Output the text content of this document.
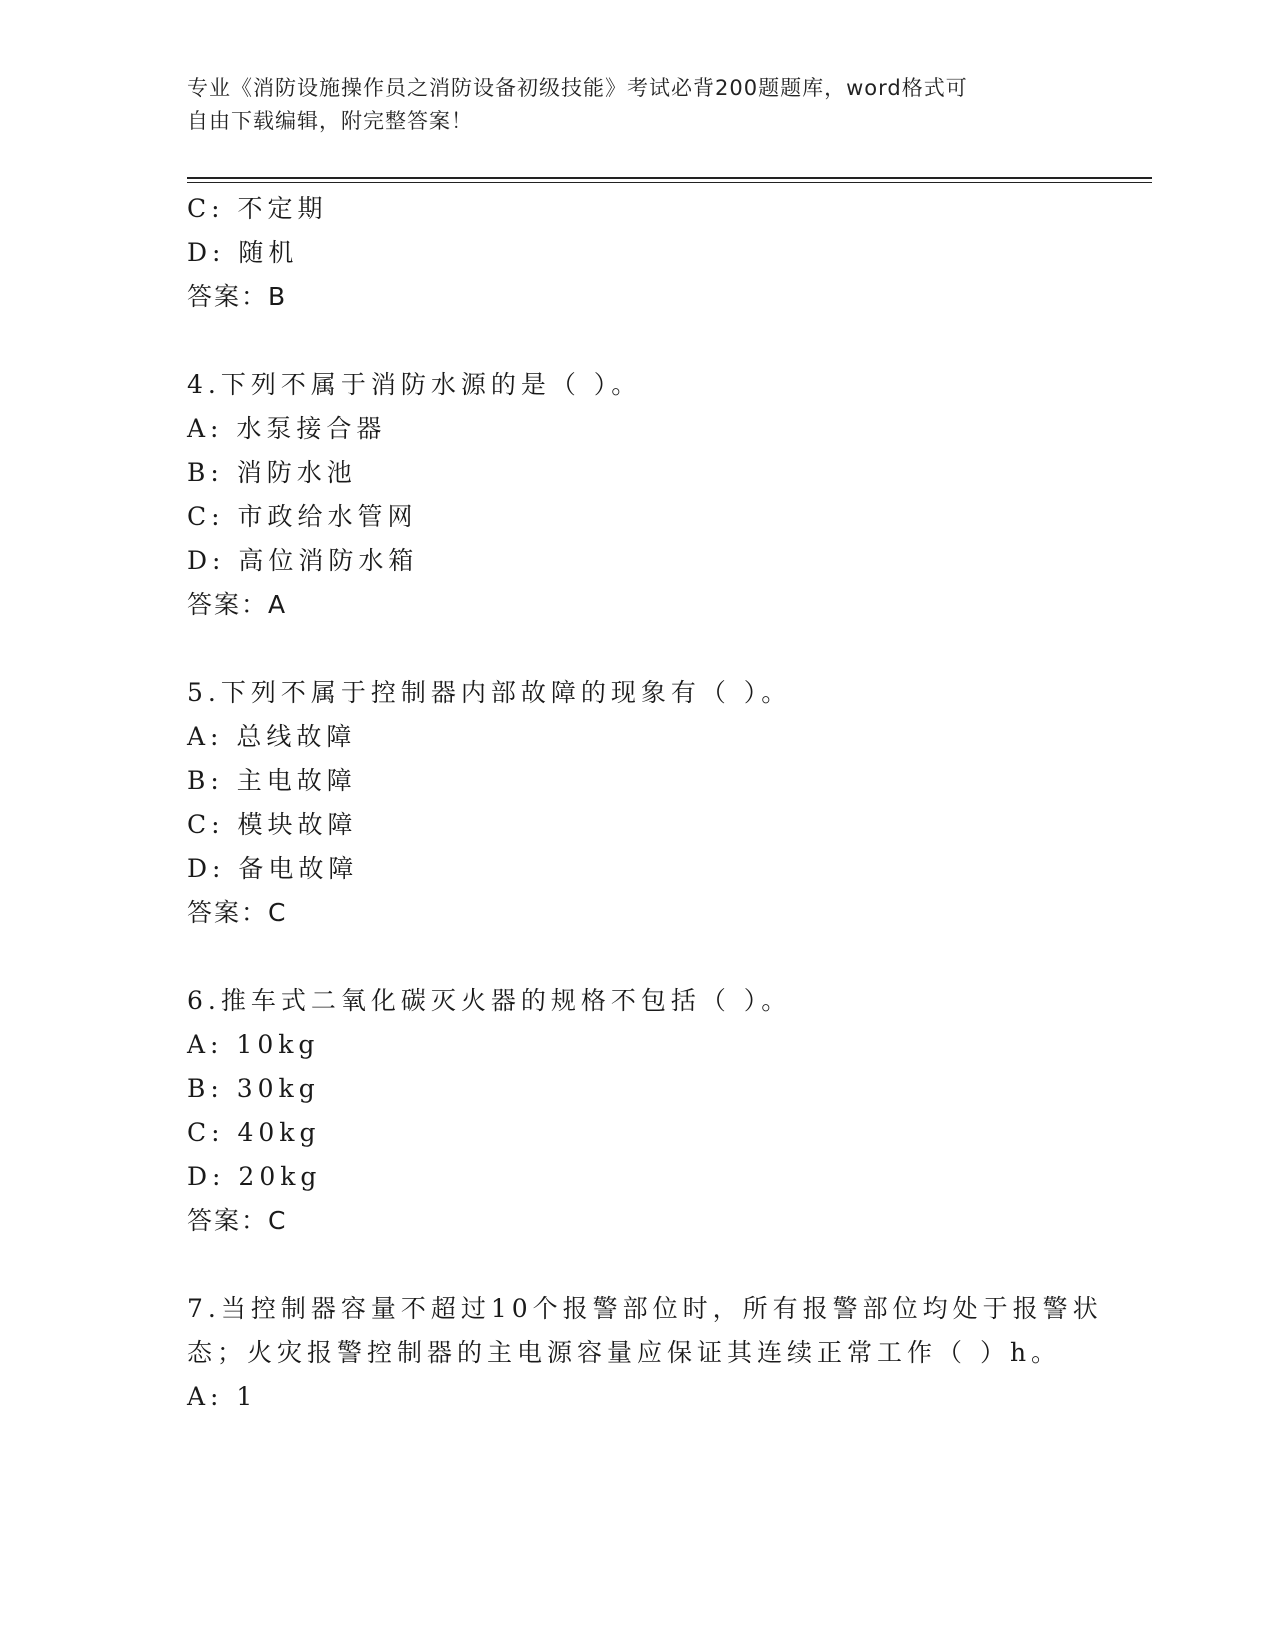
专业《消防设施操作员之消防设备初级技能》考试必背200题题库，word格式可
自由下载编辑，附完整答案！
C: 不定期
D: 随机
答案：B
4.下列不属于消防水源的是（ ）。
A: 水泵接合器
B: 消防水池
C: 市政给水管网
D: 高位消防水箱
答案：A
5.下列不属于控制器内部故障的现象有（ ）。
A: 总线故障
B: 主电故障
C: 模块故障
D: 备电故障
答案：C
6.推车式二氧化碳灭火器的规格不包括（ ）。
A: 10kg
B: 30kg
C: 40kg
D: 20kg
答案：C
7.当控制器容量不超过10个报警部位时，所有报警部位均处于报警状
态；火灾报警控制器的主电源容量应保证其连续正常工作（ ）h。
A: 1
